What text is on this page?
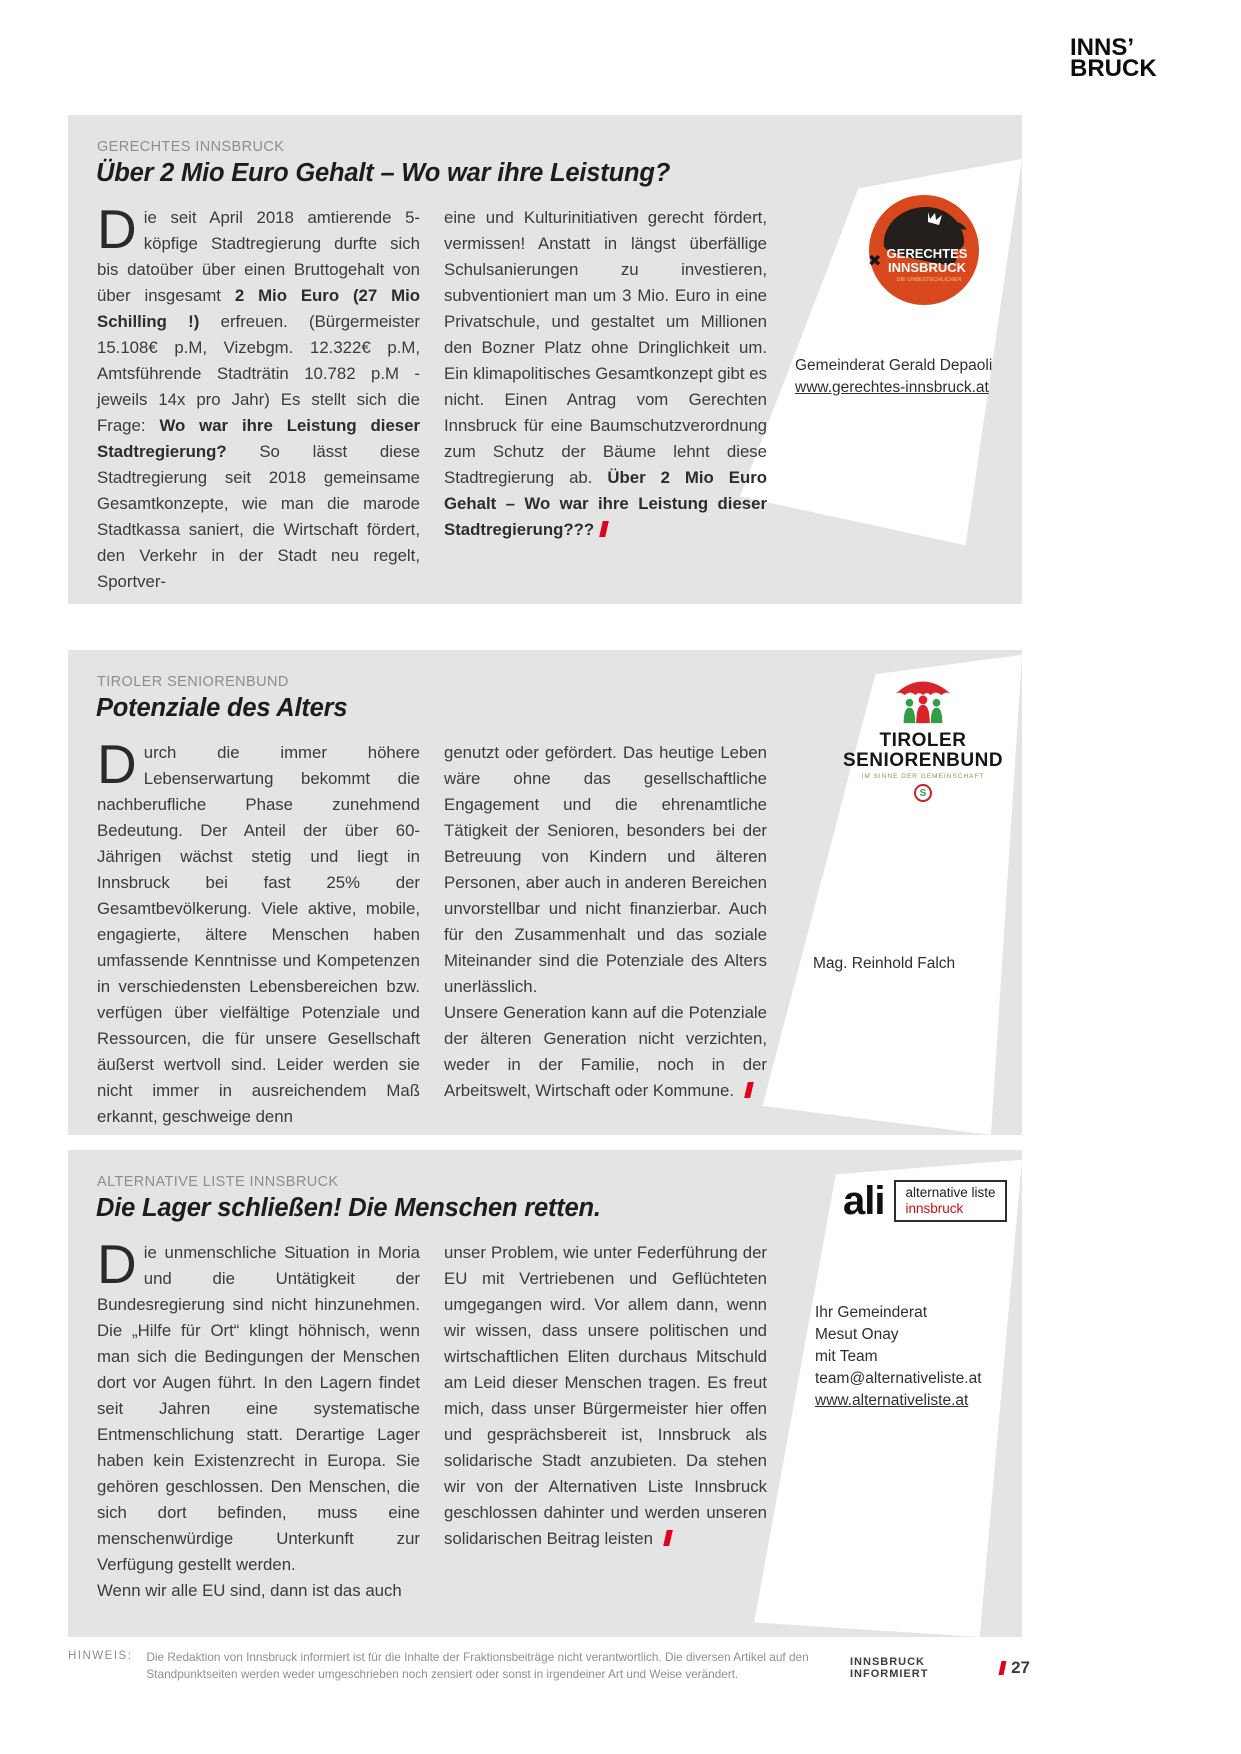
INNS’
BRUCK
GERECHTES INNSBRUCK
Über 2 Mio Euro Gehalt – Wo war ihre Leistung?

Die seit April 2018 amtierende 5-köpfige Stadtregierung durfte sich bis datoüber über einen Bruttogehalt von über insgesamt 2 Mio Euro (27 Mio Schilling !) erfreuen. (Bürgermeister 15.108€ p.M, Vizebgm. 12.322€ p.M, Amtsführende Stadträtin 10.782 p.M - jeweils 14x pro Jahr) Es stellt sich die Frage: Wo war ihre Leistung dieser Stadtregierung? So lässt diese Stadtregierung seit 2018 gemeinsame Gesamtkonzepte, wie man die marode Stadtkassa saniert, die Wirtschaft fördert, den Verkehr in der Stadt neu regelt, Sportver-

eine und Kulturinitiativen gerecht fördert, vermissen! Anstatt in längst überfällige Schulsanierungen zu investieren, subventioniert man um 3 Mio. Euro in eine Privatschule, und gestaltet um Millionen den Bozner Platz ohne Dringlichkeit um. Ein klimapolitisches Gesamtkonzept gibt es nicht. Einen Antrag vom Gerechten Innsbruck für eine Baumschutzverordnung zum Schutz der Bäume lehnt diese Stadtregierung ab. Über 2 Mio Euro Gehalt – Wo war ihre Leistung dieser Stadtregierung???

GERECHTES
INNSBRUCK
DIE UNBESTECHLICHEN
✖
Gemeinderat Gerald Depaoli
www.gerechtes-innsbruck.at
TIROLER SENIORENBUND
Potenziale des Alters

Durch die immer höhere Lebenserwartung bekommt die nachberufliche Phase zunehmend Bedeutung. Der Anteil der über 60-Jährigen wächst stetig und liegt in Innsbruck bei fast 25% der Gesamtbevölkerung. Viele aktive, mobile, engagierte, ältere Menschen haben umfassende Kenntnisse und Kompetenzen in verschiedensten Lebensbereichen bzw. verfügen über vielfältige Potenziale und Ressourcen, die für unsere Gesellschaft äußerst wertvoll sind. Leider werden sie nicht immer in ausreichendem Maß erkannt, geschweige denn

genutzt oder gefördert. Das heutige Leben wäre ohne das gesellschaftliche Engagement und die ehrenamtliche Tätigkeit der Senioren, besonders bei der Betreuung von Kindern und älteren Personen, aber auch in anderen Bereichen unvorstellbar und nicht finanzierbar. Auch für den Zusammenhalt und das soziale Miteinander sind die Potenziale des Alters unerlässlich.

Unsere Generation kann auf die Potenziale der älteren Generation nicht verzichten, weder in der Familie, noch in der Arbeitswelt, Wirtschaft oder Kommune.

TIROLER
SENIORENBUND
IM SINNE DER GEMEINSCHAFT
S
Mag. Reinhold Falch
ALTERNATIVE LISTE INNSBRUCK
Die Lager schließen! Die Menschen retten.

Die unmenschliche Situation in Moria und die Untätigkeit der Bundesregierung sind nicht hinzunehmen. Die „Hilfe für Ort“ klingt höhnisch, wenn man sich die Bedingungen der Menschen dort vor Augen führt. In den Lagern findet seit Jahren eine systematische Entmenschlichung statt. Derartige Lager haben kein Existenzrecht in Europa. Sie gehören geschlossen. Den Menschen, die sich dort befinden, muss eine menschenwürdige Unterkunft zur Verfügung gestellt werden.

Wenn wir alle EU sind, dann ist das auch

unser Problem, wie unter Federführung der EU mit Vertriebenen und Geflüchteten umgegangen wird. Vor allem dann, wenn wir wissen, dass unsere politischen und wirtschaftlichen Eliten durchaus Mitschuld am Leid dieser Menschen tragen. Es freut mich, dass unser Bürgermeister hier offen und gesprächsbereit ist, Innsbruck als solidarische Stadt anzubieten. Da stehen wir von der Alternativen Liste Innsbruck geschlossen dahinter und werden unseren solidarischen Beitrag leisten

ali alternative liste
innsbruck
Ihr Gemeinderat
Mesut Onay
mit Team
team@alternativeliste.at
www.alternativeliste.at
HINWEIS: Die Redaktion von Innsbruck informiert ist für die Inhalte der Fraktionsbeiträge nicht verantwortlich. Die diversen Artikel auf den
Standpunktseiten werden weder umgeschrieben noch zensiert oder sonst in irgendeiner Art und Weise verändert.
INNSBRUCK INFORMIERT	27
